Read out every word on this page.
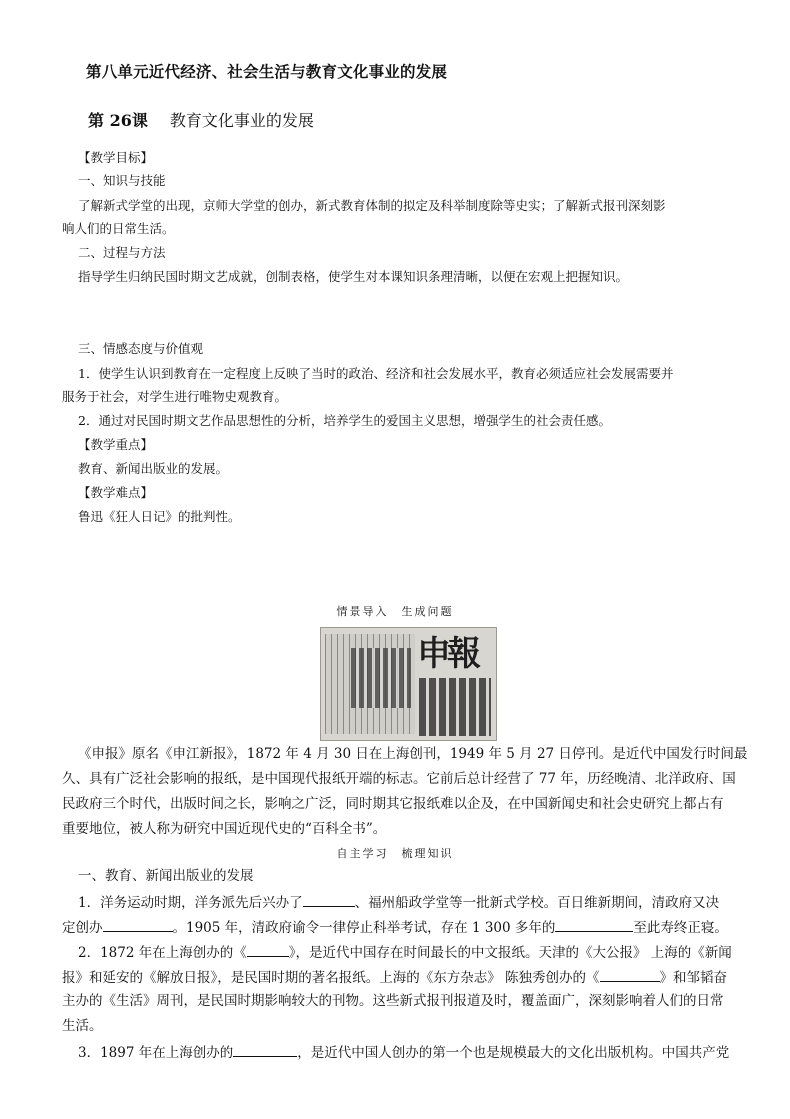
第八单元近代经济、社会生活与教育文化事业的发展
第 26课 教育文化事业的发展
【教学目标】
一、知识与技能
了解新式学堂的出现，京师大学堂的创办，新式教育体制的拟定及科举制度除等史实；了解新式报刊深刻影
响人们的日常生活。
二、过程与方法
指导学生归纳民国时期文艺成就，创制表格，使学生对本课知识条理清晰，以便在宏观上把握知识。
三、情感态度与价值观
1．使学生认识到教育在一定程度上反映了当时的政治、经济和社会发展水平，教育必须适应社会发展需要并
服务于社会，对学生进行唯物史观教育。
2．通过对民国时期文艺作品思想性的分析，培养学生的爱国主义思想，增强学生的社会责任感。
【教学重点】
教育、新闻出版业的发展。
【教学难点】
鲁迅《狂人日记》的批判性。
情景导入　生成问题
申報
《申报》原名《申江新报》，1872 年 4 月 30 日在上海创刊，1949 年 5 月 27 日停刊。是近代中国发行时间最
久、具有广泛社会影响的报纸，是中国现代报纸开端的标志。它前后总计经营了 77 年，历经晚清、北洋政府、国
民政府三个时代，出版时间之长，影响之广泛，同时期其它报纸难以企及，在中国新闻史和社会史研究上都占有
重要地位，被人称为研究中国近现代史的“百科全书”。
自主学习　梳理知识
一、教育、新闻出版业的发展
1．洋务运动时期，洋务派先后兴办了	、福州船政学堂等一批新式学校。百日维新期间，清政府又决
定创办	。1905 年，清政府谕令一律停止科举考试，存在 1 300 多年的	至此寿终正寝。
2．1872 年在上海创办的《	》，是近代中国存在时间最长的中文报纸。天津的《大公报》 上海的《新闻
报》和延安的《解放日报》，是民国时期的著名报纸。上海的《东方杂志》 陈独秀创办的《	》和邹韬奋
主办的《生活》周刊，是民国时期影响较大的刊物。这些新式报刊报道及时，覆盖面广，深刻影响着人们的日常
生活。
3．1897 年在上海创办的	，是近代中国人创办的第一个也是规模最大的文化出版机构。中国共产党
